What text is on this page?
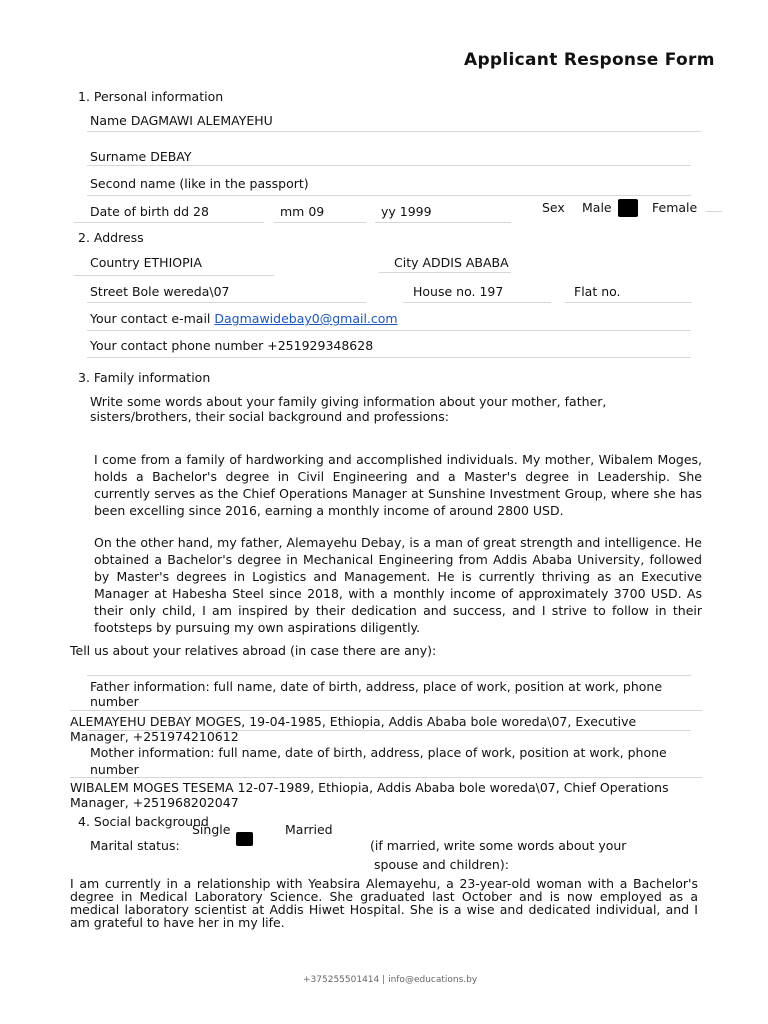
Applicant Response Form
1. Personal information
Name DAGMAWI ALEMAYEHU
Surname DEBAY
Second name (like in the passport)
Date of birth dd 28	mm 09	yy 1999	Sex Male	Female
2. Address
Country ETHIOPIA	City ADDIS ABABA
Street Bole wereda\07	House no. 197	Flat no.
Your contact e-mail Dagmawidebay0@gmail.com
Your contact phone number +251929348628
3. Family information
Write some words about your family giving information about your mother, father, sisters/brothers, their social background and professions:
I come from a family of hardworking and accomplished individuals. My mother, Wibalem Moges, holds a Bachelor's degree in Civil Engineering and a Master's degree in Leadership. She currently serves as the Chief Operations Manager at Sunshine Investment Group, where she has been excelling since 2016, earning a monthly income of around 2800 USD.
On the other hand, my father, Alemayehu Debay, is a man of great strength and intelligence. He obtained a Bachelor's degree in Mechanical Engineering from Addis Ababa University, followed by Master's degrees in Logistics and Management. He is currently thriving as an Executive Manager at Habesha Steel since 2018, with a monthly income of approximately 3700 USD. As their only child, I am inspired by their dedication and success, and I strive to follow in their footsteps by pursuing my own aspirations diligently.
Tell us about your relatives abroad (in case there are any):
Father information: full name, date of birth, address, place of work, position at work, phone number
ALEMAYEHU DEBAY MOGES, 19-04-1985, Ethiopia, Addis Ababa bole woreda\07, Executive Manager, +251974210612
Mother information: full name, date of birth, address, place of work, position at work, phone number
WIBALEM MOGES TESEMA 12-07-1989, Ethiopia, Addis Ababa bole woreda\07, Chief Operations Manager, +251968202047
4. Social background
Single	Married
Marital status:	(if married, write some words about your
spouse and children):
I am currently in a relationship with Yeabsira Alemayehu, a 23-year-old woman with a Bachelor's degree in Medical Laboratory Science. She graduated last October and is now employed as a medical laboratory scientist at Addis Hiwet Hospital. She is a wise and dedicated individual, and I am grateful to have her in my life.
+375255501414 | info@educations.by
